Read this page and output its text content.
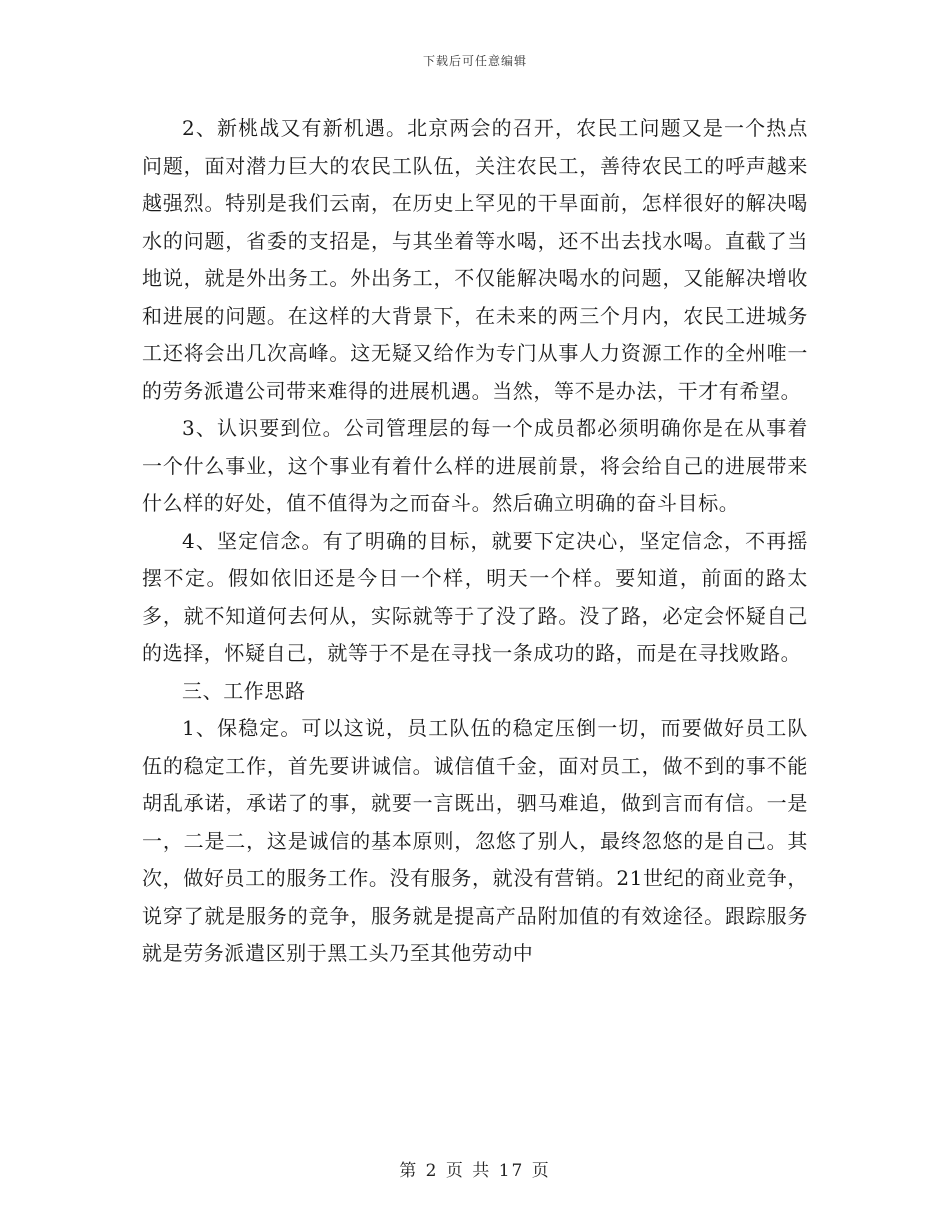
下载后可任意编辑

2、新桃战又有新机遇。北京两会的召开，农民工问题又是一个热点问题，面对潜力巨大的农民工队伍，关注农民工，善待农民工的呼声越来越强烈。特别是我们云南，在历史上罕见的干旱面前，怎样很好的解决喝水的问题，省委的支招是，与其坐着等水喝，还不出去找水喝。直截了当地说，就是外出务工。外出务工，不仅能解决喝水的问题，又能解决增收和进展的问题。在这样的大背景下，在未来的两三个月内，农民工进城务工还将会出几次高峰。这无疑又给作为专门从事人力资源工作的全州唯一的劳务派遣公司带来难得的进展机遇。当然，等不是办法，干才有希望。

3、认识要到位。公司管理层的每一个成员都必须明确你是在从事着一个什么事业，这个事业有着什么样的进展前景，将会给自己的进展带来什么样的好处，值不值得为之而奋斗。然后确立明确的奋斗目标。

4、坚定信念。有了明确的目标，就要下定决心，坚定信念，不再摇摆不定。假如依旧还是今日一个样，明天一个样。要知道，前面的路太多，就不知道何去何从，实际就等于了没了路。没了路，必定会怀疑自己的选择，怀疑自己，就等于不是在寻找一条成功的路，而是在寻找败路。

三、工作思路

1、保稳定。可以这说，员工队伍的稳定压倒一切，而要做好员工队伍的稳定工作，首先要讲诚信。诚信值千金，面对员工，做不到的事不能胡乱承诺，承诺了的事，就要一言既出，驷马难追，做到言而有信。一是一，二是二，这是诚信的基本原则，忽悠了别人，最终忽悠的是自己。其次，做好员工的服务工作。没有服务，就没有营销。21世纪的商业竞争，说穿了就是服务的竞争，服务就是提高产品附加值的有效途径。跟踪服务就是劳务派遣区别于黑工头乃至其他劳动中

第 2 页 共 17 页
